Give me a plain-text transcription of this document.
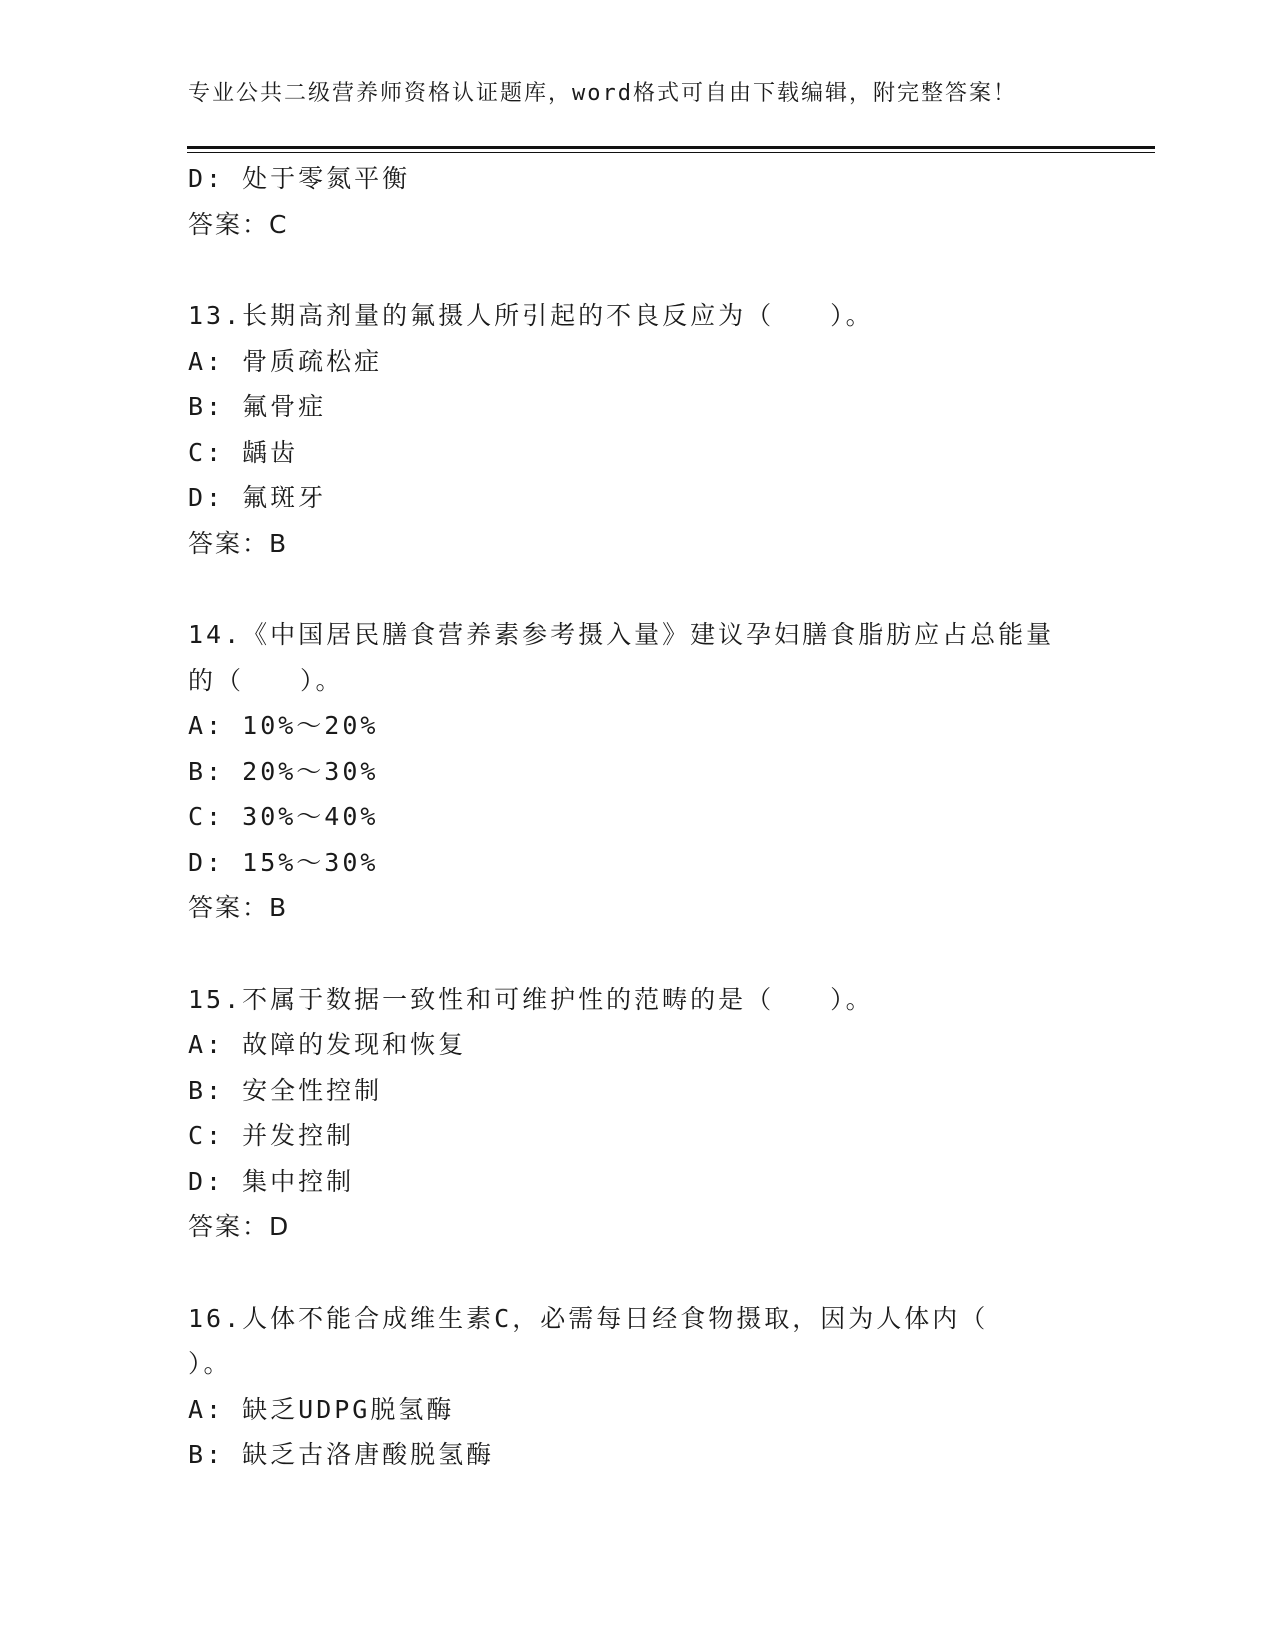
专业公共二级营养师资格认证题库，word格式可自由下载编辑，附完整答案！
D: 处于零氮平衡
答案：C
13.长期高剂量的氟摄人所引起的不良反应为（　　）。
A: 骨质疏松症
B: 氟骨症
C: 龋齿
D: 氟斑牙
答案：B
14.《中国居民膳食营养素参考摄入量》建议孕妇膳食脂肪应占总能量
的（　　）。
A: 10%～20%
B: 20%～30%
C: 30%～40%
D: 15%～30%
答案：B
15.不属于数据一致性和可维护性的范畴的是（　　）。
A: 故障的发现和恢复
B: 安全性控制
C: 并发控制
D: 集中控制
答案：D
16.人体不能合成维生素C，必需每日经食物摄取，因为人体内（
）。
A: 缺乏UDPG脱氢酶
B: 缺乏古洛唐酸脱氢酶
